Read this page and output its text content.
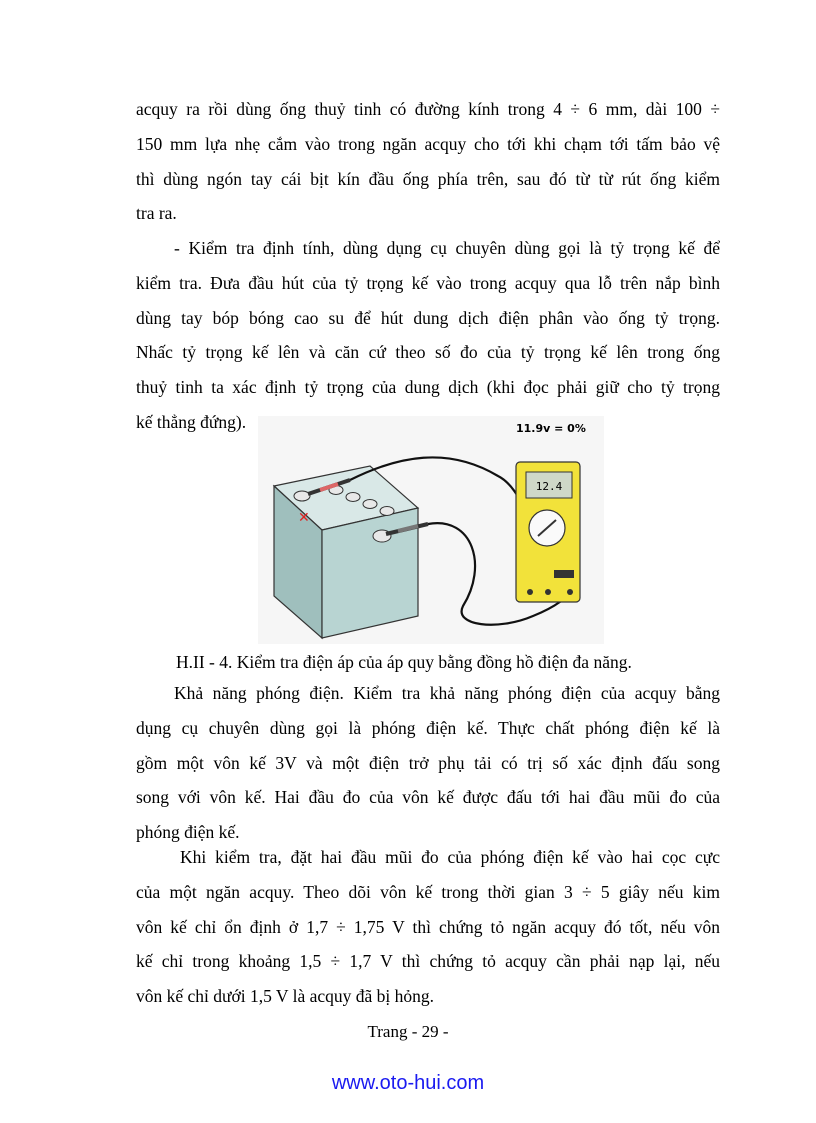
acquy ra rồi dùng ống thuỷ tinh có đường kính trong 4 ÷ 6 mm, dài 100 ÷
150 mm lựa nhẹ cắm vào trong ngăn acquy cho tới khi chạm tới tấm bảo vệ
thì dùng ngón tay cái bịt kín đầu ống phía trên, sau đó từ từ rút ống kiểm
tra ra.
- Kiểm tra định tính, dùng dụng cụ chuyên dùng gọi là tỷ trọng kế để
kiểm tra. Đưa đầu hút của tỷ trọng kế vào trong acquy qua lỗ trên nắp bình
dùng tay bóp bóng cao su để hút dung dịch điện phân vào ống tỷ trọng.
Nhấc tỷ trọng kế lên và căn cứ theo số đo của tỷ trọng kế lên trong ống
thuỷ tinh ta xác định tỷ trọng của dung dịch (khi đọc phải giữ cho tỷ trọng
kế thẳng đứng).
✕
12.4
11.9v = 0%
H.II - 4. Kiểm tra điện áp của áp quy bằng đồng hồ điện đa năng.
Khả năng phóng điện. Kiểm tra khả năng phóng điện của acquy bằng
dụng cụ chuyên dùng gọi là phóng điện kế. Thực chất phóng điện kế là
gồm một vôn kế 3V và một điện trở phụ tải có trị số xác định đấu song
song với vôn kế. Hai đầu đo của vôn kế được đấu tới hai đầu mũi đo của
phóng điện kế.
Khi kiểm tra, đặt hai đầu mũi đo của phóng điện kế vào hai cọc cực
của một ngăn acquy. Theo dõi vôn kế trong thời gian 3 ÷ 5 giây nếu kim
vôn kế chỉ ổn định ở 1,7 ÷ 1,75 V thì chứng tỏ ngăn acquy đó tốt, nếu vôn
kế chỉ trong khoảng 1,5 ÷ 1,7 V thì chứng tỏ acquy cần phải nạp lại, nếu
vôn kế chỉ dưới 1,5 V là acquy đã bị hỏng.
Trang - 29 -
www.oto-hui.com
